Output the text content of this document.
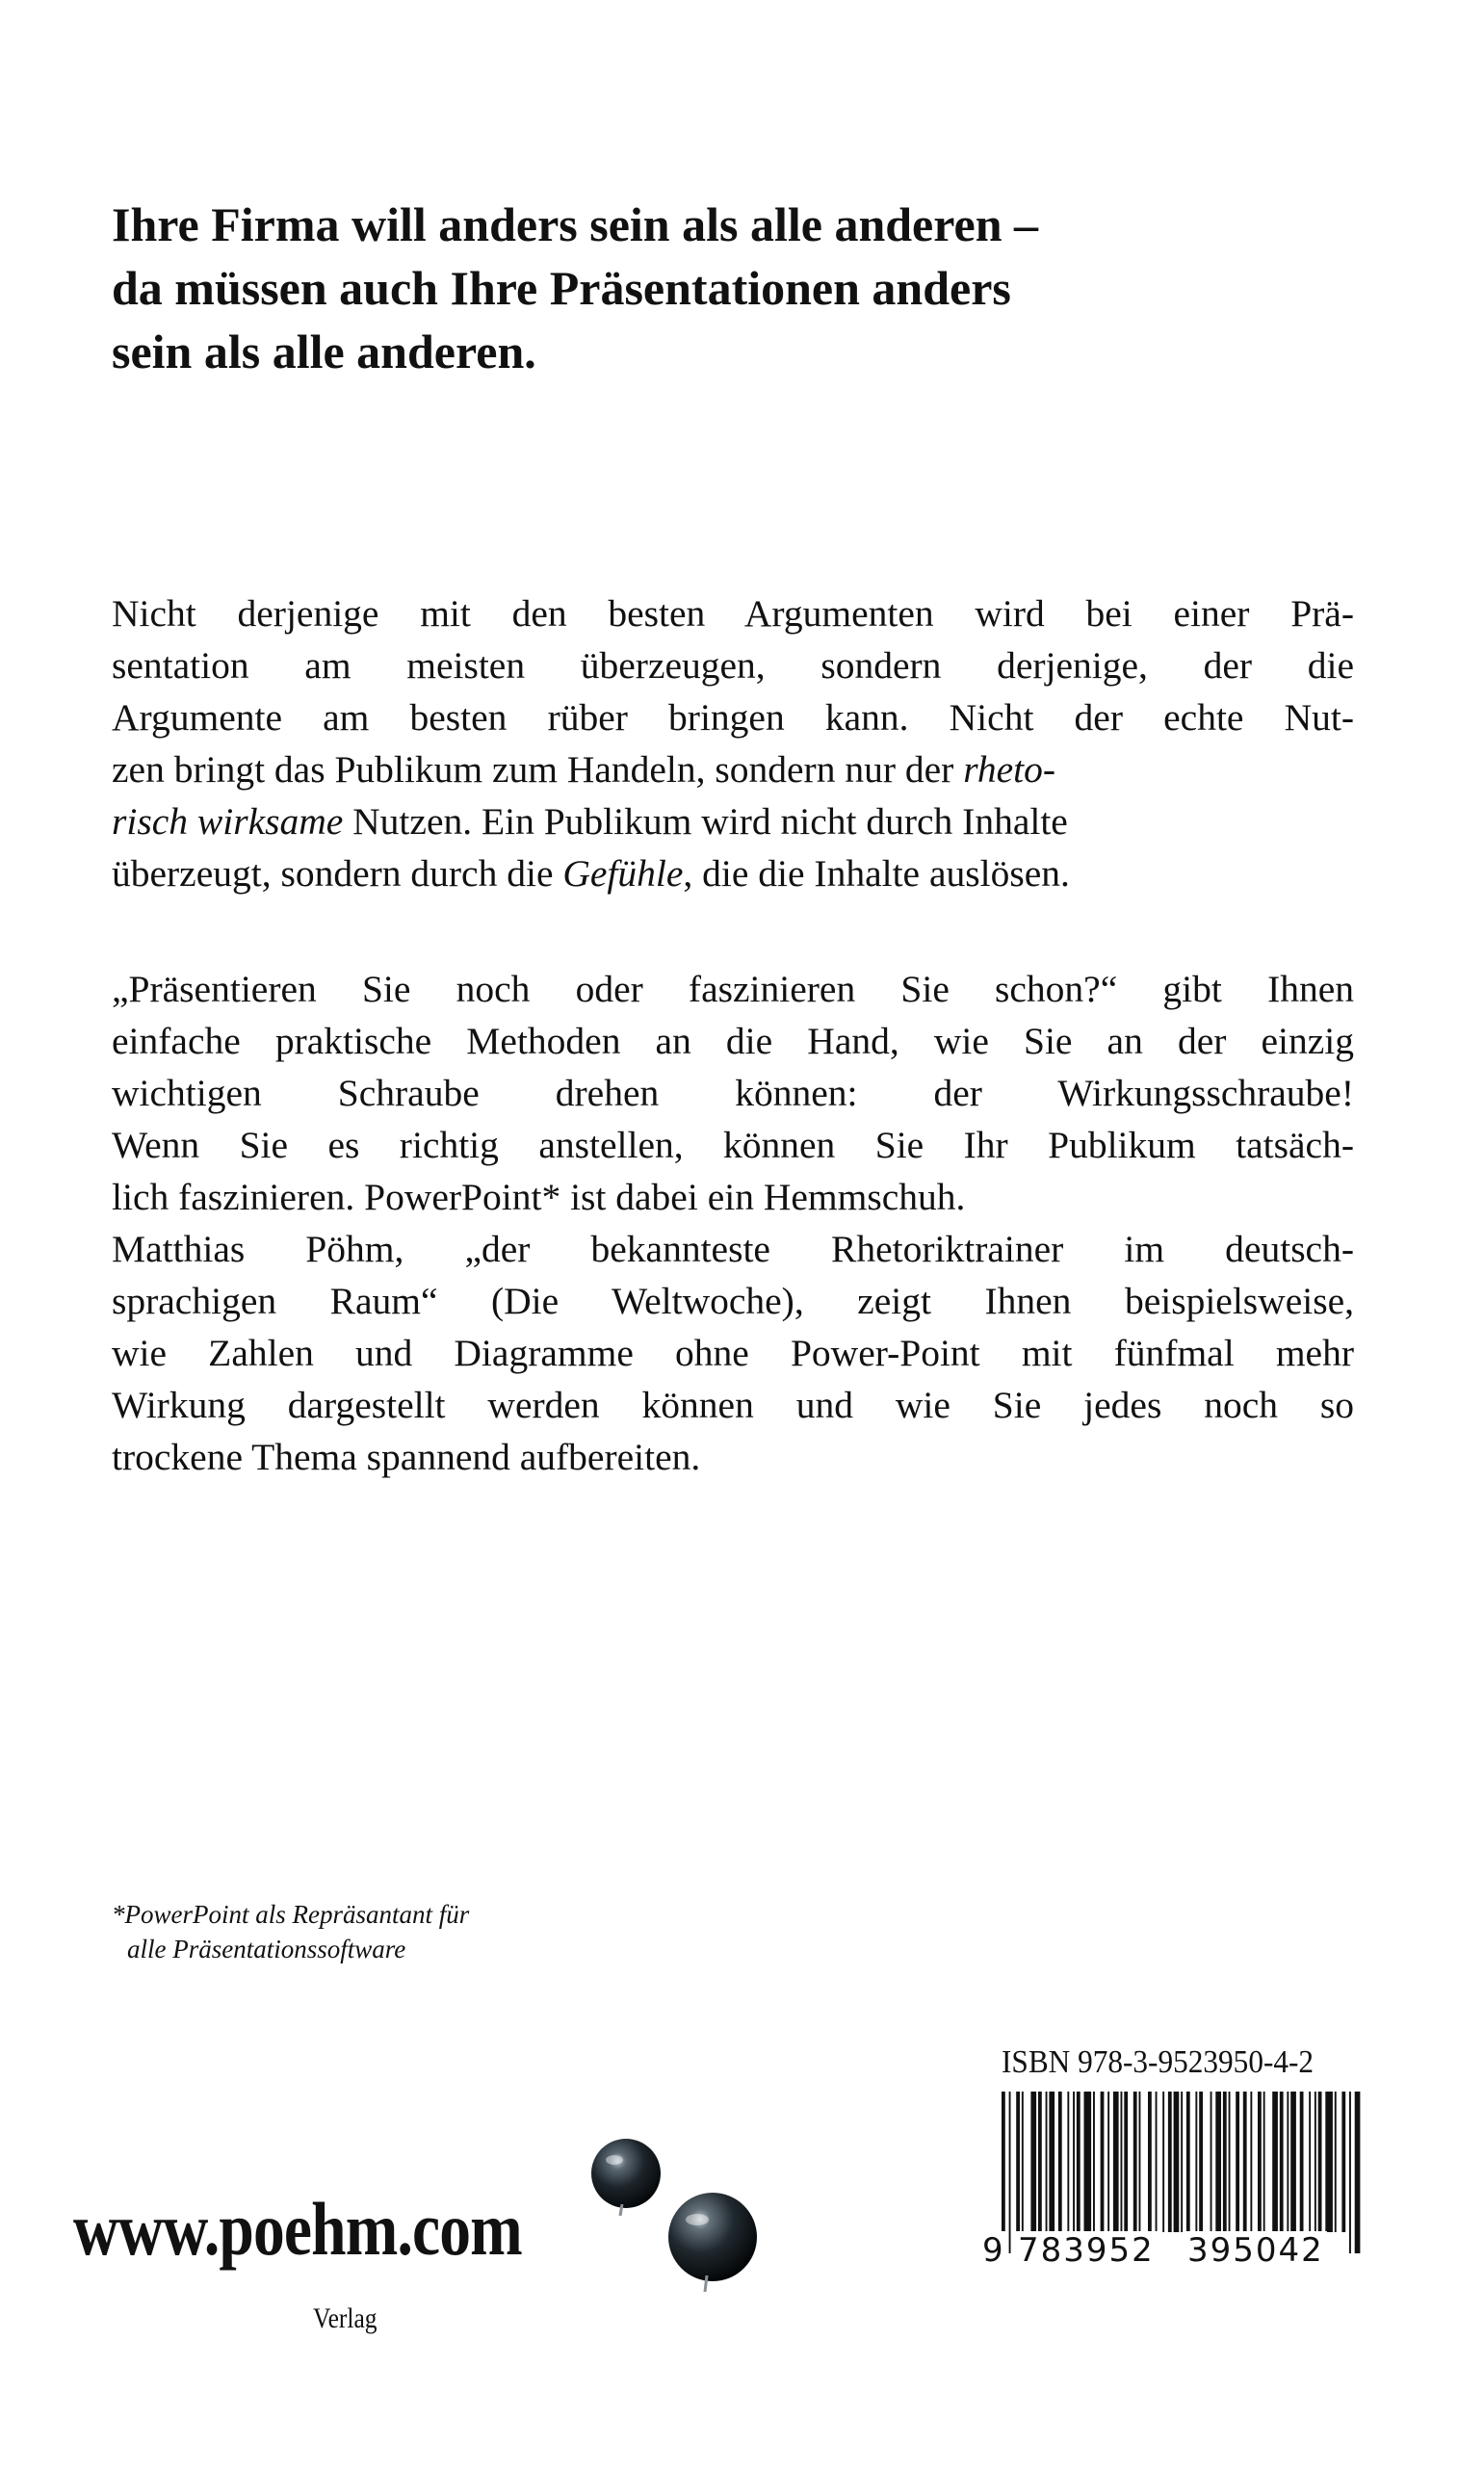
Ihre Firma will anders sein als alle anderen –
da müssen auch Ihre Präsentationen anders
sein als alle anderen.
Nicht derjenige mit den besten Argumenten wird bei einer Prä-
sentation am meisten überzeugen, sondern derjenige, der die
Argumente am besten rüber bringen kann. Nicht der echte Nut-
zen bringt das Publikum zum Handeln, sondern nur der rheto-
risch wirksame Nutzen. Ein Publikum wird nicht durch Inhalte
überzeugt, sondern durch die Gefühle, die die Inhalte auslösen.
„Präsentieren Sie noch oder faszinieren Sie schon?“ gibt Ihnen
einfache praktische Methoden an die Hand, wie Sie an der einzig
wichtigen Schraube drehen können: der Wirkungsschraube!
Wenn Sie es richtig anstellen, können Sie Ihr Publikum tatsäch-
lich faszinieren. PowerPoint* ist dabei ein Hemmschuh.
Matthias Pöhm, „der bekannteste Rhetoriktrainer im deutsch-
sprachigen Raum“ (Die Weltwoche), zeigt Ihnen beispielsweise,
wie Zahlen und Diagramme ohne Power-Point mit fünfmal mehr
Wirkung dargestellt werden können und wie Sie jedes noch so
trockene Thema spannend aufbereiten.
*PowerPoint als Repräsantant für
alle Präsentationssoftware
www.poehm.com
Verlag
ISBN 978-3-9523950-4-2
9 783952 395042
